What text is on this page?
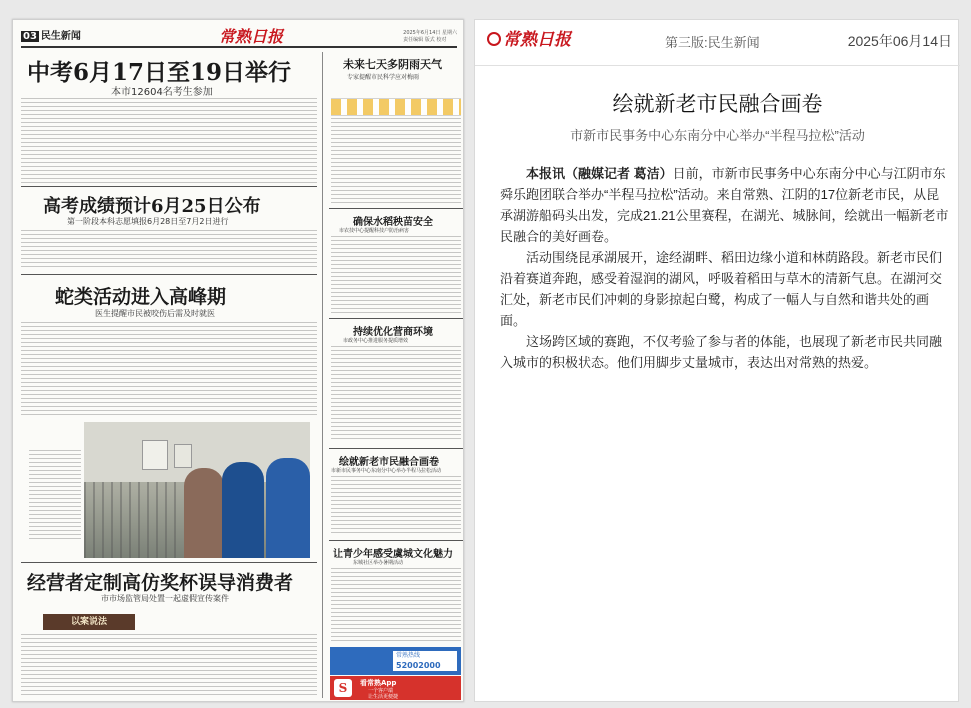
03 民生新闻	常熟日报	2025年6月14日 星期六
责任编辑 版式 校对
中考6月17日至19日举行
本市12604名考生参加
高考成绩预计6月25日公布
第一阶段本科志愿填报6月28日至7月2日进行
蛇类活动进入高峰期
医生提醒市民被咬伤后需及时就医
经营者定制高仿奖杯误导消费者
市市场监管局处置一起虚假宣传案件
以案说法
未来七天多阴雨天气
专家提醒市民科学应对梅雨
确保水稻秧苗安全
市农技中心提醒科技户防治病害
持续优化营商环境
市政务中心推进服务提质增效
绘就新老市民融合画卷
市新市民事务中心东南分中心举办半程马拉松活动
让青少年感受虞城文化魅力
东城社区举办暑期活动
常熟热线
52002000
S	看常熟App
一个客户端
让生活更便捷
常熟日报	第三版:民生新闻	2025年06月14日
绘就新老市民融合画卷
市新市民事务中心东南分中心举办“半程马拉松”活动

本报讯（融媒记者 葛洁）日前，市新市民事务中心东南分中心与江阴市东舜乐跑团联合举办“半程马拉松”活动。来自常熟、江阴的17位新老市民，从昆承湖游船码头出发，完成21.21公里赛程，在湖光、城脉间，绘就出一幅新老市民融合的美好画卷。

活动围绕昆承湖展开，途经湖畔、稻田边缘小道和林荫路段。新老市民们沿着赛道奔跑，感受着湿润的湖风，呼吸着稻田与草木的清新气息。在湖河交汇处，新老市民们冲刺的身影掠起白鹭，构成了一幅人与自然和谐共处的画面。

这场跨区域的赛跑，不仅考验了参与者的体能，也展现了新老市民共同融入城市的积极状态。他们用脚步丈量城市，表达出对常熟的热爱。
